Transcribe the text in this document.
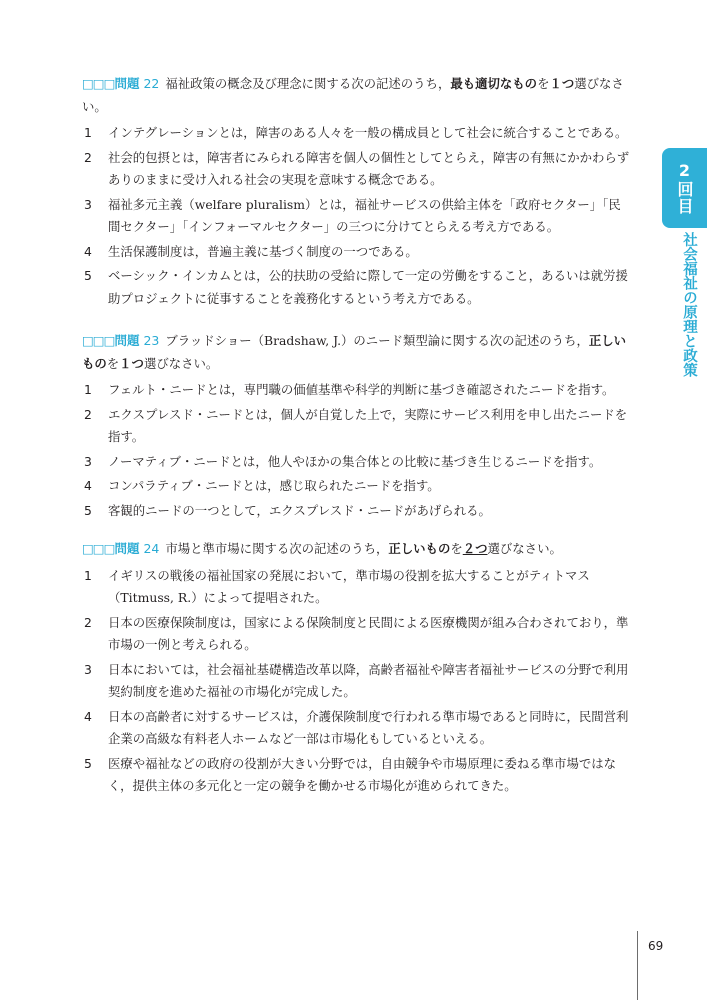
□□□問題 22 福祉政策の概念及び理念に関する次の記述のうち，最も適切なものを１つ選びなさい。

1	インテグレーションとは，障害のある人々を一般の構成員として社会に統合することである。
2	社会的包摂とは，障害者にみられる障害を個人の個性としてとらえ，障害の有無にかかわらずありのままに受け入れる社会の実現を意味する概念である。
3	福祉多元主義（welfare pluralism）とは，福祉サービスの供給主体を「政府セクター」「民間セクター」「インフォーマルセクター」の三つに分けてとらえる考え方である。
4	生活保護制度は，普遍主義に基づく制度の一つである。
5	ベーシック・インカムとは，公的扶助の受給に際して一定の労働をすること，あるいは就労援助プロジェクトに従事することを義務化するという考え方である。

□□□問題 23 ブラッドショー（Bradshaw, J.）のニード類型論に関する次の記述のうち，正しいものを１つ選びなさい。

1	フェルト・ニードとは，専門職の価値基準や科学的判断に基づき確認されたニードを指す。
2	エクスプレスド・ニードとは，個人が自覚した上で，実際にサービス利用を申し出たニードを指す。
3	ノーマティブ・ニードとは，他人やほかの集合体との比較に基づき生じるニードを指す。
4	コンパラティブ・ニードとは，感じ取られたニードを指す。
5	客観的ニードの一つとして，エクスプレスド・ニードがあげられる。

□□□問題 24 市場と準市場に関する次の記述のうち，正しいものを２つ選びなさい。

1	イギリスの戦後の福祉国家の発展において，準市場の役割を拡大することがティトマス（Titmuss, R.）によって提唱された。
2	日本の医療保険制度は，国家による保険制度と民間による医療機関が組み合わされており，準市場の一例と考えられる。
3	日本においては，社会福祉基礎構造改革以降，高齢者福祉や障害者福祉サービスの分野で利用契約制度を進めた福祉の市場化が完成した。
4	日本の高齢者に対するサービスは，介護保険制度で行われる準市場であると同時に，民間営利企業の高級な有料老人ホームなど一部は市場化もしているといえる。
5	医療や福祉などの政府の役割が大きい分野では，自由競争や市場原理に委ねる準市場ではなく，提供主体の多元化と一定の競争を働かせる市場化が進められてきた。
2回目
社会福祉の原理と政策
69
